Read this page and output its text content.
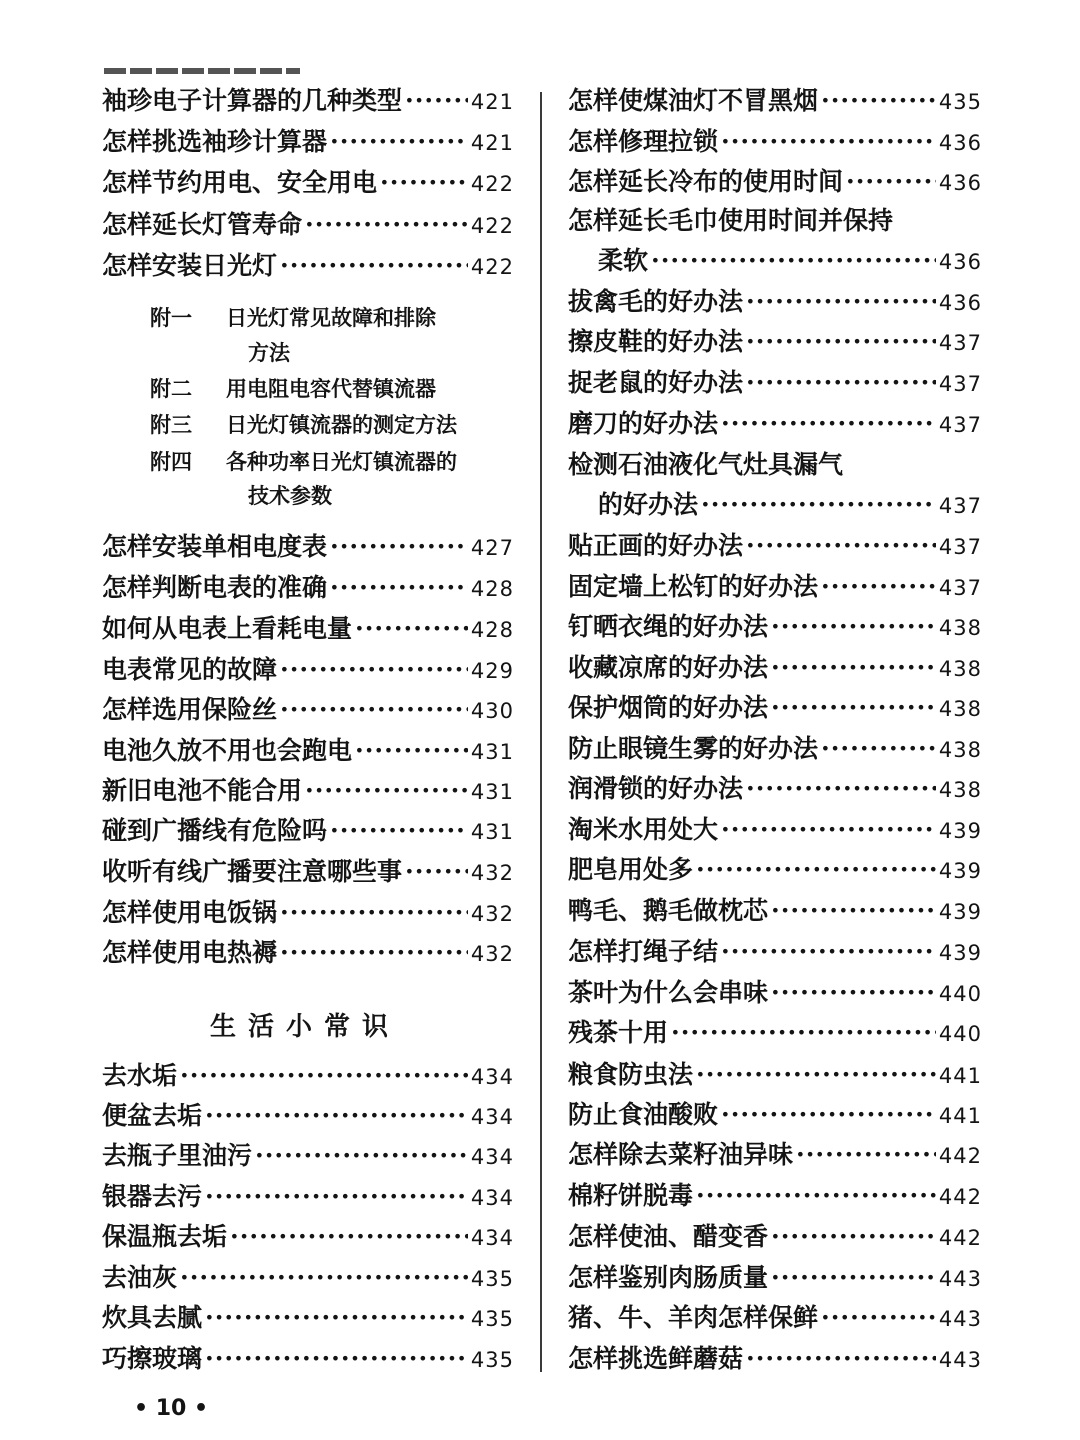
袖珍电子计算器的几种类型 ·····	421
怎样挑选袖珍计算器 ·····	421
怎样节约用电、安全用电 ·····	422
怎样延长灯管寿命 ·····	422
怎样安装日光灯 ·····	422
附一	日光灯常见故障和排除
方法
附二	用电阻电容代替镇流器
附三	日光灯镇流器的测定方法
附四	各种功率日光灯镇流器的
技术参数
怎样安装单相电度表 ·····	427
怎样判断电表的准确 ·····	428
如何从电表上看耗电量 ·····	428
电表常见的故障 ·····	429
怎样选用保险丝 ·····	430
电池久放不用也会跑电 ·····	431
新旧电池不能合用 ·····	431
碰到广播线有危险吗 ·····	431
收听有线广播要注意哪些事 ·····	432
怎样使用电饭锅 ·····	432
怎样使用电热褥 ·····	432
生活小常识
去水垢 ·····	434
便盆去垢 ·····	434
去瓶子里油污 ·····	434
银器去污 ·····	434
保温瓶去垢 ·····	434
去油灰 ·····	435
炊具去腻 ·····	435
巧擦玻璃 ·····	435
怎样使煤油灯不冒黑烟 ·····	435
怎样修理拉锁 ·····	436
怎样延长冷布的使用时间 ·····	436
怎样延长毛巾使用时间并保持
柔软 ·····	436
拔禽毛的好办法 ·····	436
擦皮鞋的好办法 ·····	437
捉老鼠的好办法 ·····	437
磨刀的好办法 ·····	437
检测石油液化气灶具漏气
的好办法 ·····	437
贴正画的好办法 ·····	437
固定墙上松钉的好办法 ·····	437
钉晒衣绳的好办法 ·····	438
收藏凉席的好办法 ·····	438
保护烟筒的好办法 ·····	438
防止眼镜生雾的好办法 ·····	438
润滑锁的好办法 ·····	438
淘米水用处大 ·····	439
肥皂用处多 ·····	439
鸭毛、鹅毛做枕芯 ·····	439
怎样打绳子结 ·····	439
茶叶为什么会串味 ·····	440
残茶十用 ·····	440
粮食防虫法 ·····	441
防止食油酸败 ·····	441
怎样除去菜籽油异味 ·····	442
棉籽饼脱毒 ·····	442
怎样使油、醋变香 ·····	442
怎样鉴别肉肠质量 ·····	443
猪、牛、羊肉怎样保鲜 ·····	443
怎样挑选鲜蘑菇 ·····	443
• 10 •
